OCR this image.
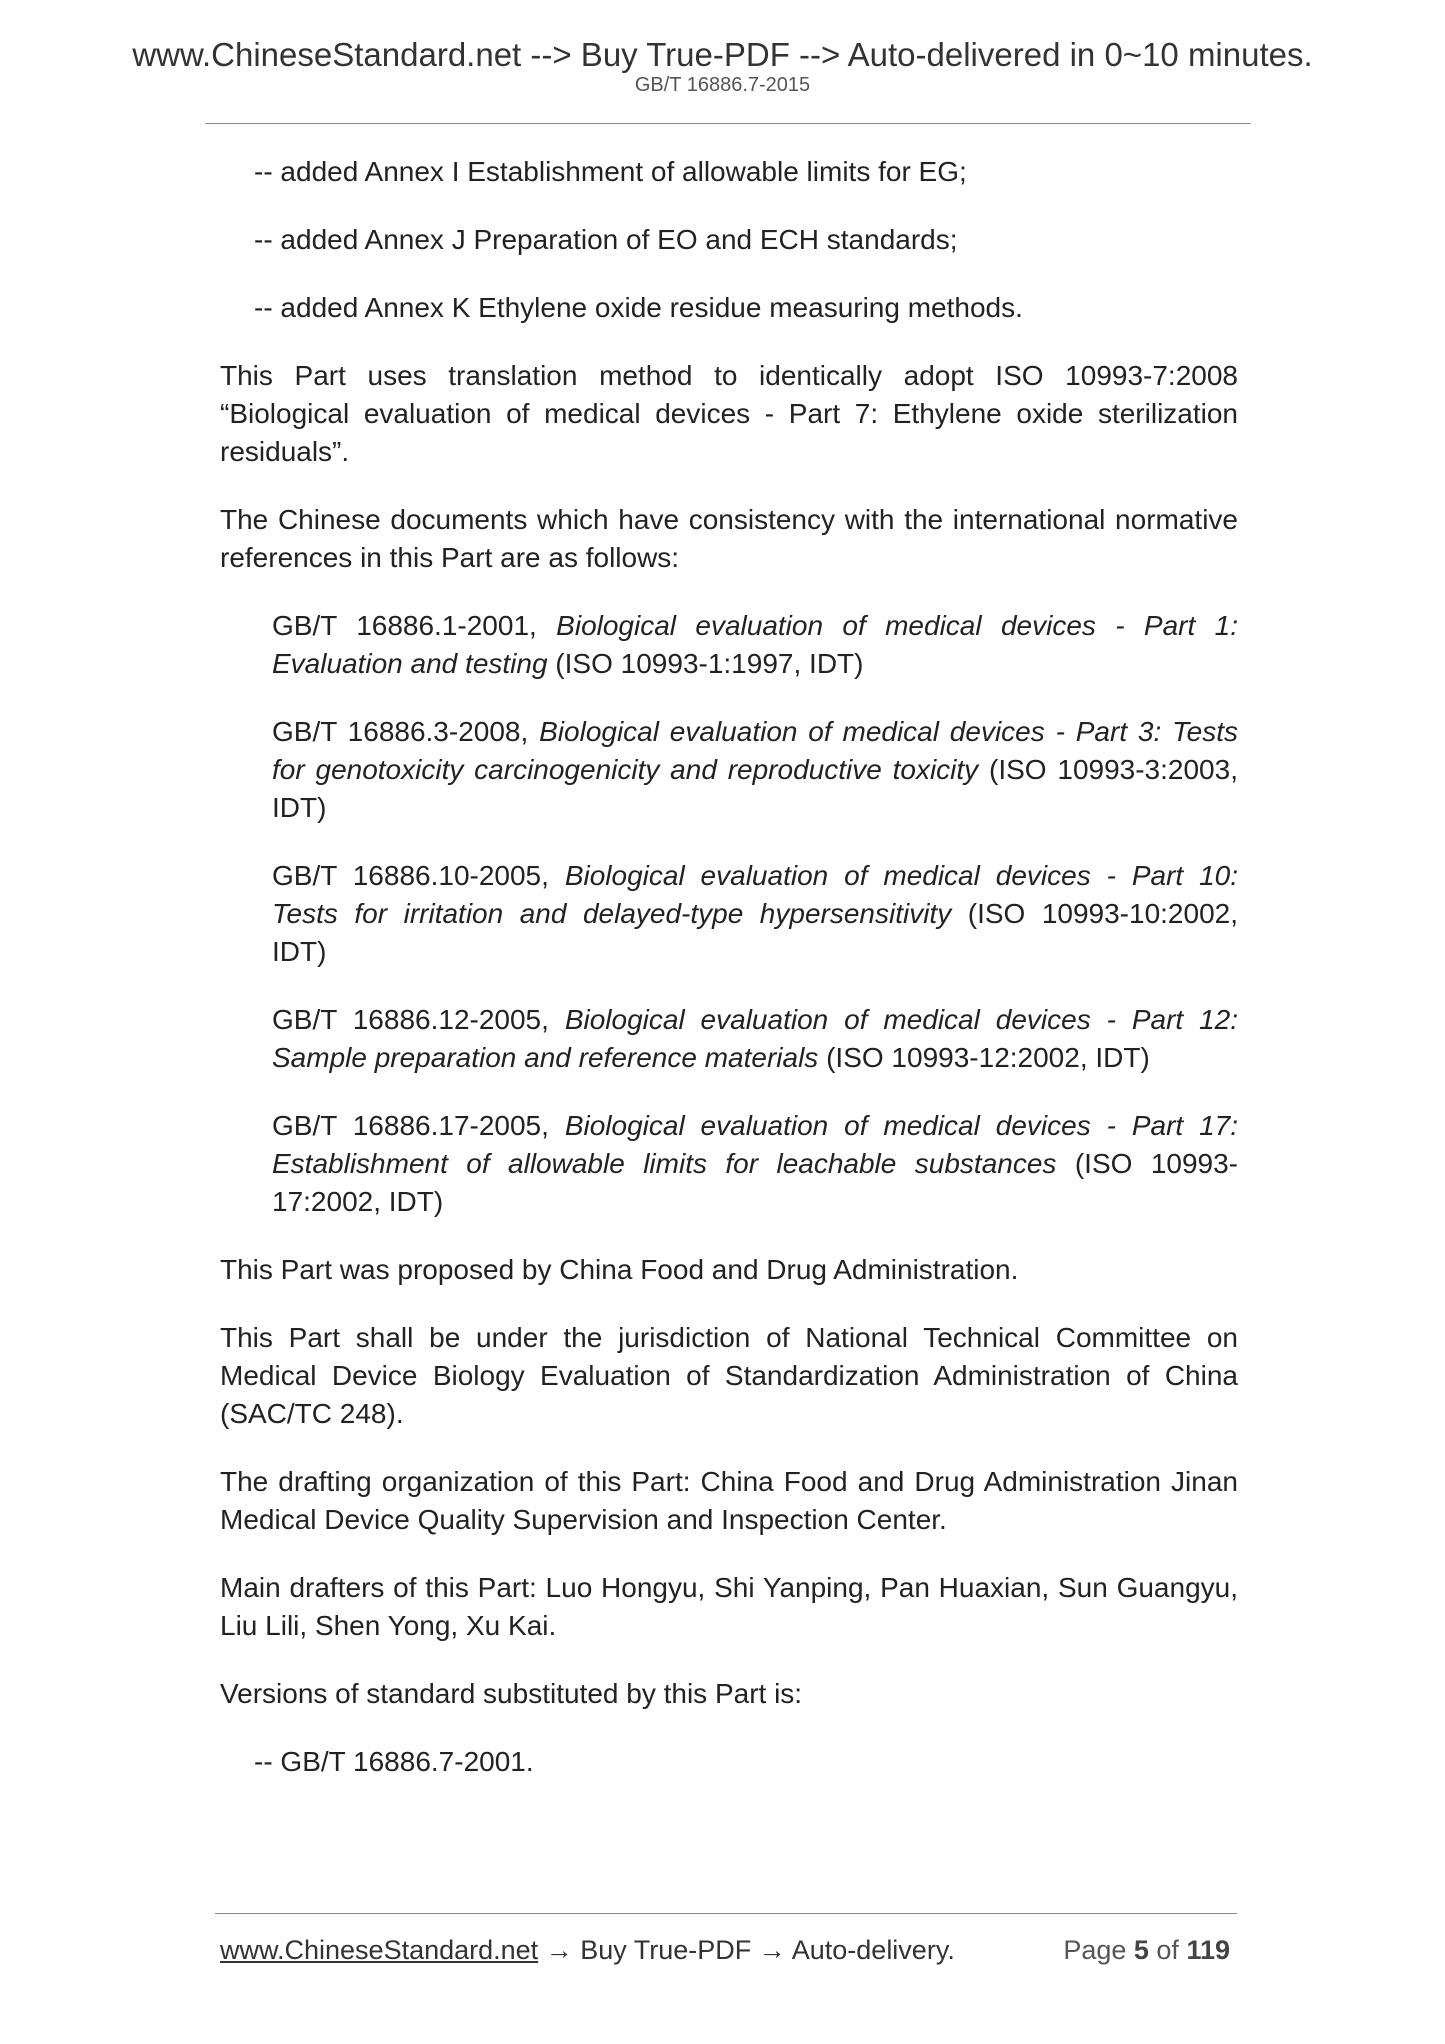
www.ChineseStandard.net --> Buy True-PDF --> Auto-delivered in 0~10 minutes.
GB/T 16886.7-2015

-- added Annex I Establishment of allowable limits for EG;

-- added Annex J Preparation of EO and ECH standards;

-- added Annex K Ethylene oxide residue measuring methods.

This Part uses translation method to identically adopt ISO 10993-7:2008 “Biological evaluation of medical devices - Part 7: Ethylene oxide sterilization residuals”.

The Chinese documents which have consistency with the international normative references in this Part are as follows:

GB/T 16886.1-2001, Biological evaluation of medical devices - Part 1: Evaluation and testing (ISO 10993-1:1997, IDT)

GB/T 16886.3-2008, Biological evaluation of medical devices - Part 3: Tests for genotoxicity carcinogenicity and reproductive toxicity (ISO 10993-3:2003, IDT)

GB/T 16886.10-2005, Biological evaluation of medical devices - Part 10: Tests for irritation and delayed-type hypersensitivity (ISO 10993-10:2002, IDT)

GB/T 16886.12-2005, Biological evaluation of medical devices - Part 12: Sample preparation and reference materials (ISO 10993-12:2002, IDT)

GB/T 16886.17-2005, Biological evaluation of medical devices - Part 17: Establishment of allowable limits for leachable substances (ISO 10993-17:2002, IDT)

This Part was proposed by China Food and Drug Administration.

This Part shall be under the jurisdiction of National Technical Committee on Medical Device Biology Evaluation of Standardization Administration of China (SAC/TC 248).

The drafting organization of this Part: China Food and Drug Administration Jinan Medical Device Quality Supervision and Inspection Center.

Main drafters of this Part: Luo Hongyu, Shi Yanping, Pan Huaxian, Sun Guangyu, Liu Lili, Shen Yong, Xu Kai.

Versions of standard substituted by this Part is:

-- GB/T 16886.7-2001.

www.ChineseStandard.net → Buy True-PDF → Auto-delivery.	Page 5 of 119
